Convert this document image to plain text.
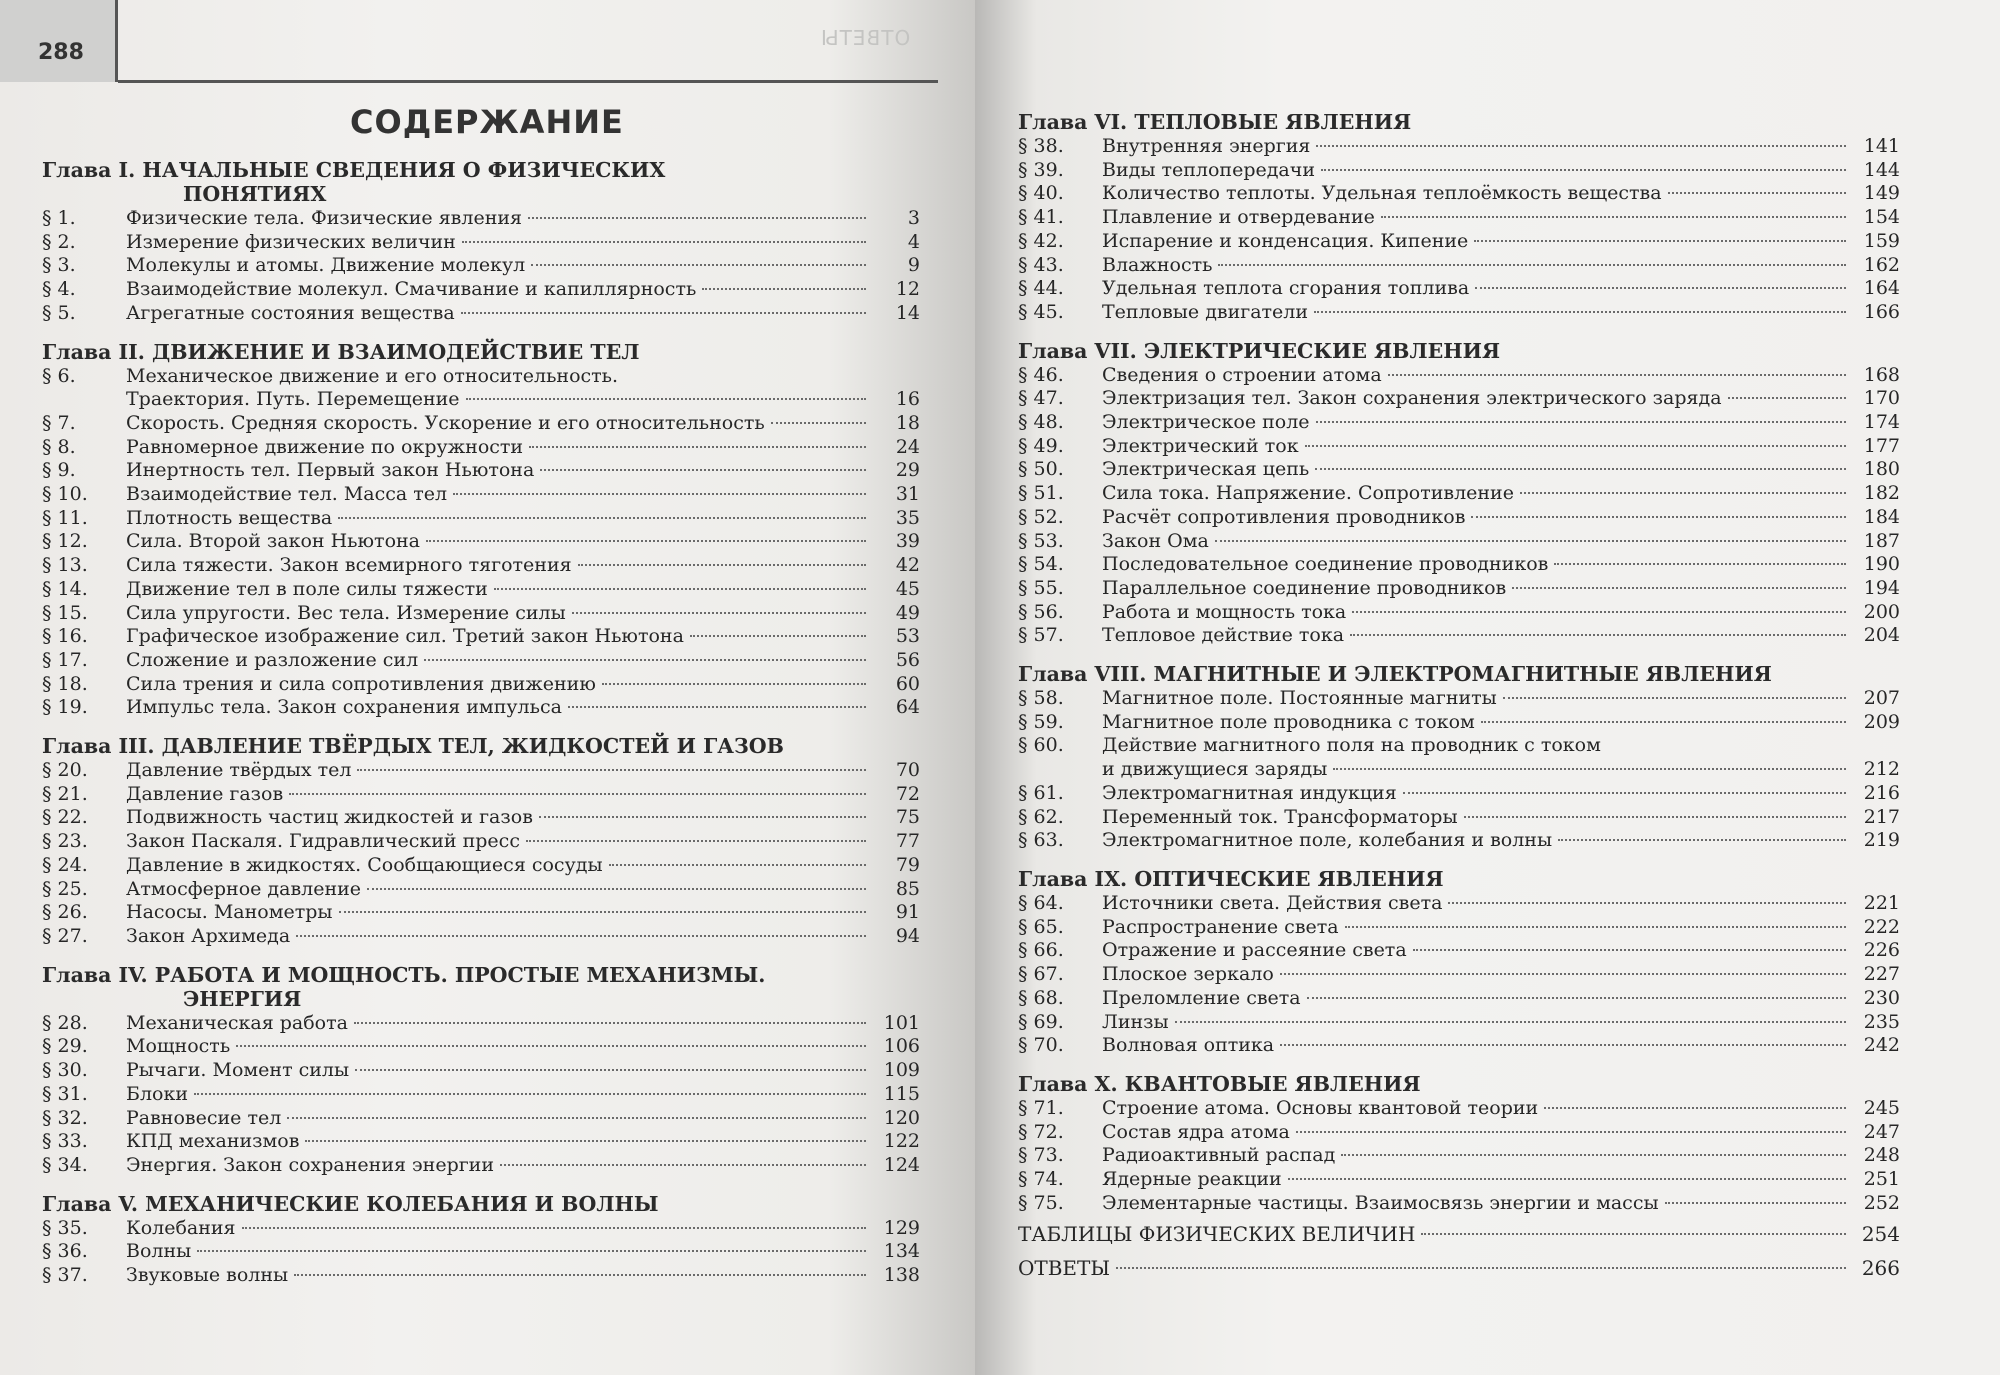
288
ОТВЕТЫ
СОДЕРЖАНИЕ
Глава I. НАЧАЛЬНЫЕ СВЕДЕНИЯ О ФИЗИЧЕСКИХ
ПОНЯТИЯХ
§ 1.	Физические тела. Физические явления	3
§ 2.	Измерение физических величин	4
§ 3.	Молекулы и атомы. Движение молекул	9
§ 4.	Взаимодействие молекул. Смачивание и капиллярность	12
§ 5.	Агрегатные состояния вещества	14
Глава II. ДВИЖЕНИЕ И ВЗАИМОДЕЙСТВИЕ ТЕЛ
§ 6.	Механическое движение и его относительность.
Траектория. Путь. Перемещение	16
§ 7.	Скорость. Средняя скорость. Ускорение и его относительность	18
§ 8.	Равномерное движение по окружности	24
§ 9.	Инертность тел. Первый закон Ньютона	29
§ 10.	Взаимодействие тел. Масса тел	31
§ 11.	Плотность вещества	35
§ 12.	Сила. Второй закон Ньютона	39
§ 13.	Сила тяжести. Закон всемирного тяготения	42
§ 14.	Движение тел в поле силы тяжести	45
§ 15.	Сила упругости. Вес тела. Измерение силы	49
§ 16.	Графическое изображение сил. Третий закон Ньютона	53
§ 17.	Сложение и разложение сил	56
§ 18.	Сила трения и сила сопротивления движению	60
§ 19.	Импульс тела. Закон сохранения импульса	64
Глава III. ДАВЛЕНИЕ ТВЁРДЫХ ТЕЛ, ЖИДКОСТЕЙ И ГАЗОВ
§ 20.	Давление твёрдых тел	70
§ 21.	Давление газов	72
§ 22.	Подвижность частиц жидкостей и газов	75
§ 23.	Закон Паскаля. Гидравлический пресс	77
§ 24.	Давление в жидкостях. Сообщающиеся сосуды	79
§ 25.	Атмосферное давление	85
§ 26.	Насосы. Манометры	91
§ 27.	Закон Архимеда	94
Глава IV. РАБОТА И МОЩНОСТЬ. ПРОСТЫЕ МЕХАНИЗМЫ.
ЭНЕРГИЯ
§ 28.	Механическая работа	101
§ 29.	Мощность	106
§ 30.	Рычаги. Момент силы	109
§ 31.	Блоки	115
§ 32.	Равновесие тел	120
§ 33.	КПД механизмов	122
§ 34.	Энергия. Закон сохранения энергии	124
Глава V. МЕХАНИЧЕСКИЕ КОЛЕБАНИЯ И ВОЛНЫ
§ 35.	Колебания	129
§ 36.	Волны	134
§ 37.	Звуковые волны	138
Глава VI. ТЕПЛОВЫЕ ЯВЛЕНИЯ
§ 38.	Внутренняя энергия	141
§ 39.	Виды теплопередачи	144
§ 40.	Количество теплоты. Удельная теплоёмкость вещества	149
§ 41.	Плавление и отвердевание	154
§ 42.	Испарение и конденсация. Кипение	159
§ 43.	Влажность	162
§ 44.	Удельная теплота сгорания топлива	164
§ 45.	Тепловые двигатели	166
Глава VII. ЭЛЕКТРИЧЕСКИЕ ЯВЛЕНИЯ
§ 46.	Сведения о строении атома	168
§ 47.	Электризация тел. Закон сохранения электрического заряда	170
§ 48.	Электрическое поле	174
§ 49.	Электрический ток	177
§ 50.	Электрическая цепь	180
§ 51.	Сила тока. Напряжение. Сопротивление	182
§ 52.	Расчёт сопротивления проводников	184
§ 53.	Закон Ома	187
§ 54.	Последовательное соединение проводников	190
§ 55.	Параллельное соединение проводников	194
§ 56.	Работа и мощность тока	200
§ 57.	Тепловое действие тока	204
Глава VIII. МАГНИТНЫЕ И ЭЛЕКТРОМАГНИТНЫЕ ЯВЛЕНИЯ
§ 58.	Магнитное поле. Постоянные магниты	207
§ 59.	Магнитное поле проводника с током	209
§ 60.	Действие магнитного поля на проводник с током
и движущиеся заряды	212
§ 61.	Электромагнитная индукция	216
§ 62.	Переменный ток. Трансформаторы	217
§ 63.	Электромагнитное поле, колебания и волны	219
Глава IX. ОПТИЧЕСКИЕ ЯВЛЕНИЯ
§ 64.	Источники света. Действия света	221
§ 65.	Распространение света	222
§ 66.	Отражение и рассеяние света	226
§ 67.	Плоское зеркало	227
§ 68.	Преломление света	230
§ 69.	Линзы	235
§ 70.	Волновая оптика	242
Глава X. КВАНТОВЫЕ ЯВЛЕНИЯ
§ 71.	Строение атома. Основы квантовой теории	245
§ 72.	Состав ядра атома	247
§ 73.	Радиоактивный распад	248
§ 74.	Ядерные реакции	251
§ 75.	Элементарные частицы. Взаимосвязь энергии и массы	252
ТАБЛИЦЫ ФИЗИЧЕСКИХ ВЕЛИЧИН	254
ОТВЕТЫ	266
